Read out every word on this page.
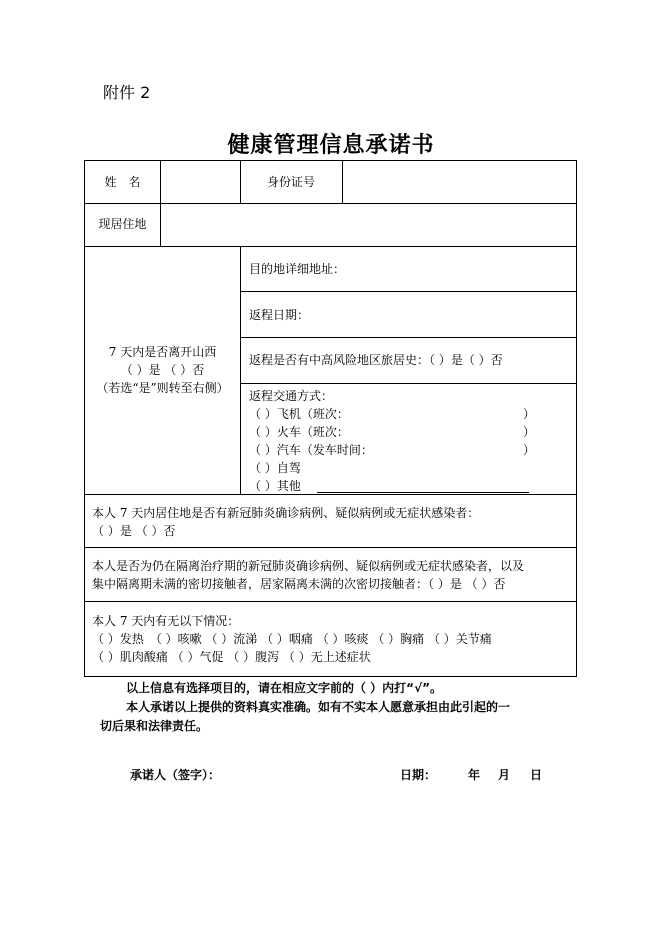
附件 2
健康管理信息承诺书
姓　名	身份证号
现居住地
7 天内是否离开山西
（ ）是 （ ）否
（若选“是”则转至右侧）
目的地详细地址：
返程日期：
返程是否有中高风险地区旅居史：（ ）是（ ）否
返程交通方式：
（ ）飞机（班次：	）
（ ）火车（班次：	）
（ ）汽车（发车时间：	）
（ ）自驾
（ ）其他
本人 7 天内居住地是否有新冠肺炎确诊病例、疑似病例或无症状感染者：
（ ）是 （ ）否
本人是否为仍在隔离治疗期的新冠肺炎确诊病例、疑似病例或无症状感染者，以及
集中隔离期未满的密切接触者，居家隔离未满的次密切接触者：（ ）是 （ ）否
本人 7 天内有无以下情况：
（ ）发热　（ ）咳嗽 （ ）流涕 （ ）咽痛 （ ）咳痰 （ ）胸痛 （ ）关节痛
（ ）肌肉酸痛 （ ）气促 （ ）腹泻 （ ）无上述症状
以上信息有选择项目的，请在相应文字前的（ ）内打“√”。
本人承诺以上提供的资料真实准确。如有不实本人愿意承担由此引起的一
切后果和法律责任。
承诺人（签字）：	日期：	年 月 日
